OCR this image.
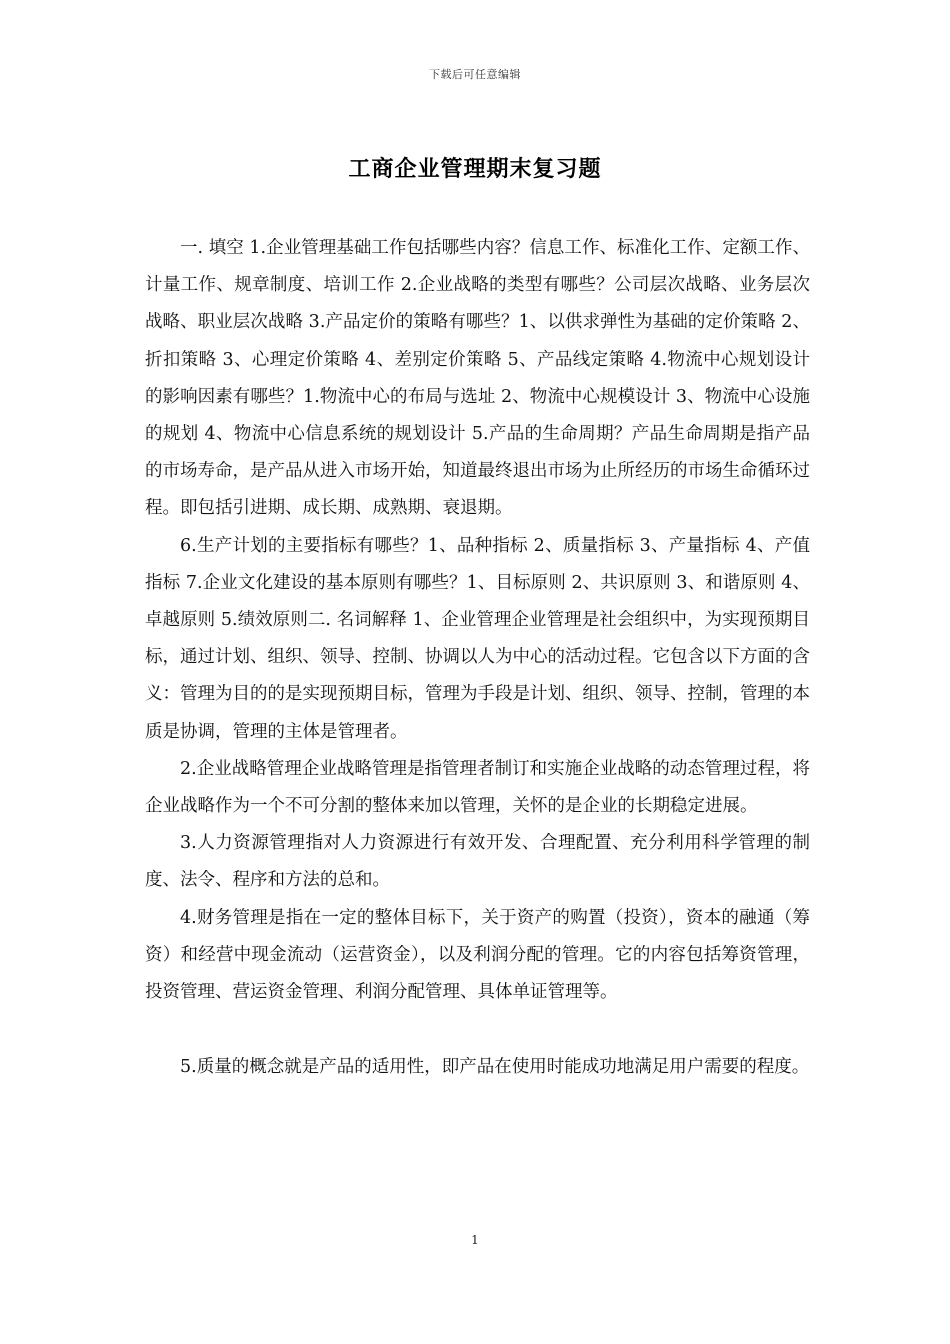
下载后可任意编辑
工商企业管理期末复习题

一. 填空 1.企业管理基础工作包括哪些内容？信息工作、标准化工作、定额工作、计量工作、规章制度、培训工作 2.企业战略的类型有哪些？公司层次战略、业务层次战略、职业层次战略 3.产品定价的策略有哪些？1、以供求弹性为基础的定价策略 2、折扣策略 3、心理定价策略 4、差别定价策略 5、产品线定策略 4.物流中心规划设计的影响因素有哪些？1.物流中心的布局与选址 2、物流中心规模设计 3、物流中心设施的规划 4、物流中心信息系统的规划设计 5.产品的生命周期？产品生命周期是指产品的市场寿命，是产品从进入市场开始，知道最终退出市场为止所经历的市场生命循环过程。即包括引进期、成长期、成熟期、衰退期。

6.生产计划的主要指标有哪些？1、品种指标 2、质量指标 3、产量指标 4、产值指标 7.企业文化建设的基本原则有哪些？1、目标原则 2、共识原则 3、和谐原则 4、卓越原则 5.绩效原则二. 名词解释 1、企业管理企业管理是社会组织中，为实现预期目标，通过计划、组织、领导、控制、协调以人为中心的活动过程。它包含以下方面的含义：管理为目的的是实现预期目标，管理为手段是计划、组织、领导、控制，管理的本质是协调，管理的主体是管理者。

2.企业战略管理企业战略管理是指管理者制订和实施企业战略的动态管理过程，将企业战略作为一个不可分割的整体来加以管理，关怀的是企业的长期稳定进展。

3.人力资源管理指对人力资源进行有效开发、合理配置、充分利用科学管理的制度、法令、程序和方法的总和。

4.财务管理是指在一定的整体目标下，关于资产的购置（投资），资本的融通（筹资）和经营中现金流动（运营资金），以及利润分配的管理。它的内容包括筹资管理，投资管理、营运资金管理、利润分配管理、具体单证管理等。

5.质量的概念就是产品的适用性，即产品在使用时能成功地满足用户需要的程度。

1
